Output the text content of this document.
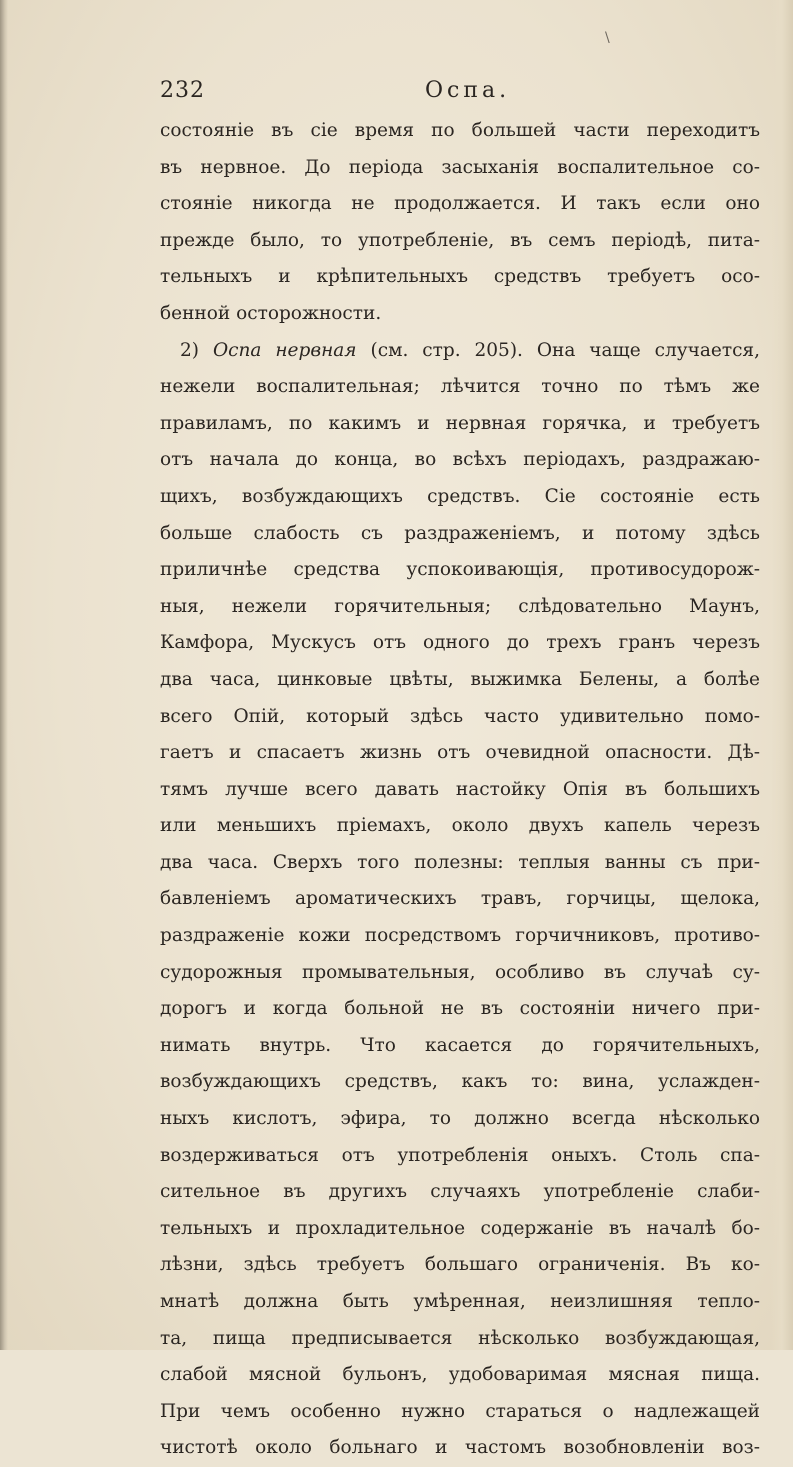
\
232	Оспа.
состояніе въ сіе время по большей части переходитъ
въ нервное. До періода засыханія воспалительное со-
стояніе никогда не продолжается. И такъ если оно
прежде было, то употребленіе, въ семъ періодѣ, пита-
тельныхъ и крѣпительныхъ средствъ требуетъ осо-
бенной осторожности.
2) Оспа нервная (см. стр. 205). Она чаще случается,
нежели воспалительная; лѣчится точно по тѣмъ же
правиламъ, по какимъ и нервная горячка, и требуетъ
отъ начала до конца, во всѣхъ періодахъ, раздражаю-
щихъ, возбуждающихъ средствъ. Сіе состояніе есть
больше слабость съ раздраженіемъ, и потому здѣсь
приличнѣе средства успокоивающія, противосудорож-
ныя, нежели горячительныя; слѣдовательно Маунъ,
Камфора, Мускусъ отъ одного до трехъ гранъ черезъ
два часа, цинковые цвѣты, выжимка Белены, а болѣе
всего Опій, который здѣсь часто удивительно помо-
гаетъ и спасаетъ жизнь отъ очевидной опасности. Дѣ-
тямъ лучше всего давать настойку Опія въ большихъ
или меньшихъ пріемахъ, около двухъ капель черезъ
два часа. Сверхъ того полезны: теплыя ванны съ при-
бавленіемъ ароматическихъ травъ, горчицы, щелока,
раздраженіе кожи посредствомъ горчичниковъ, противо-
судорожныя промывательныя, особливо въ случаѣ су-
дорогъ и когда больной не въ состояніи ничего при-
нимать внутрь. Что касается до горячительныхъ,
возбуждающихъ средствъ, какъ то: вина, услажден-
ныхъ кислотъ, эфира, то должно всегда нѣсколько
воздерживаться отъ употребленія оныхъ. Столь спа-
сительное въ другихъ случаяхъ употребленіе слаби-
тельныхъ и прохладительное содержаніе въ началѣ бо-
лѣзни, здѣсь требуетъ большаго ограниченія. Въ ко-
мнатѣ должна быть умѣренная, неизлишняя тепло-
та, пища предписывается нѣсколько возбуждающая,
слабой мясной бульонъ, удобоваримая мясная пища.
При чемъ особенно нужно стараться о надлежащей
чистотѣ около больнаго и частомъ возобновленіи воз-
